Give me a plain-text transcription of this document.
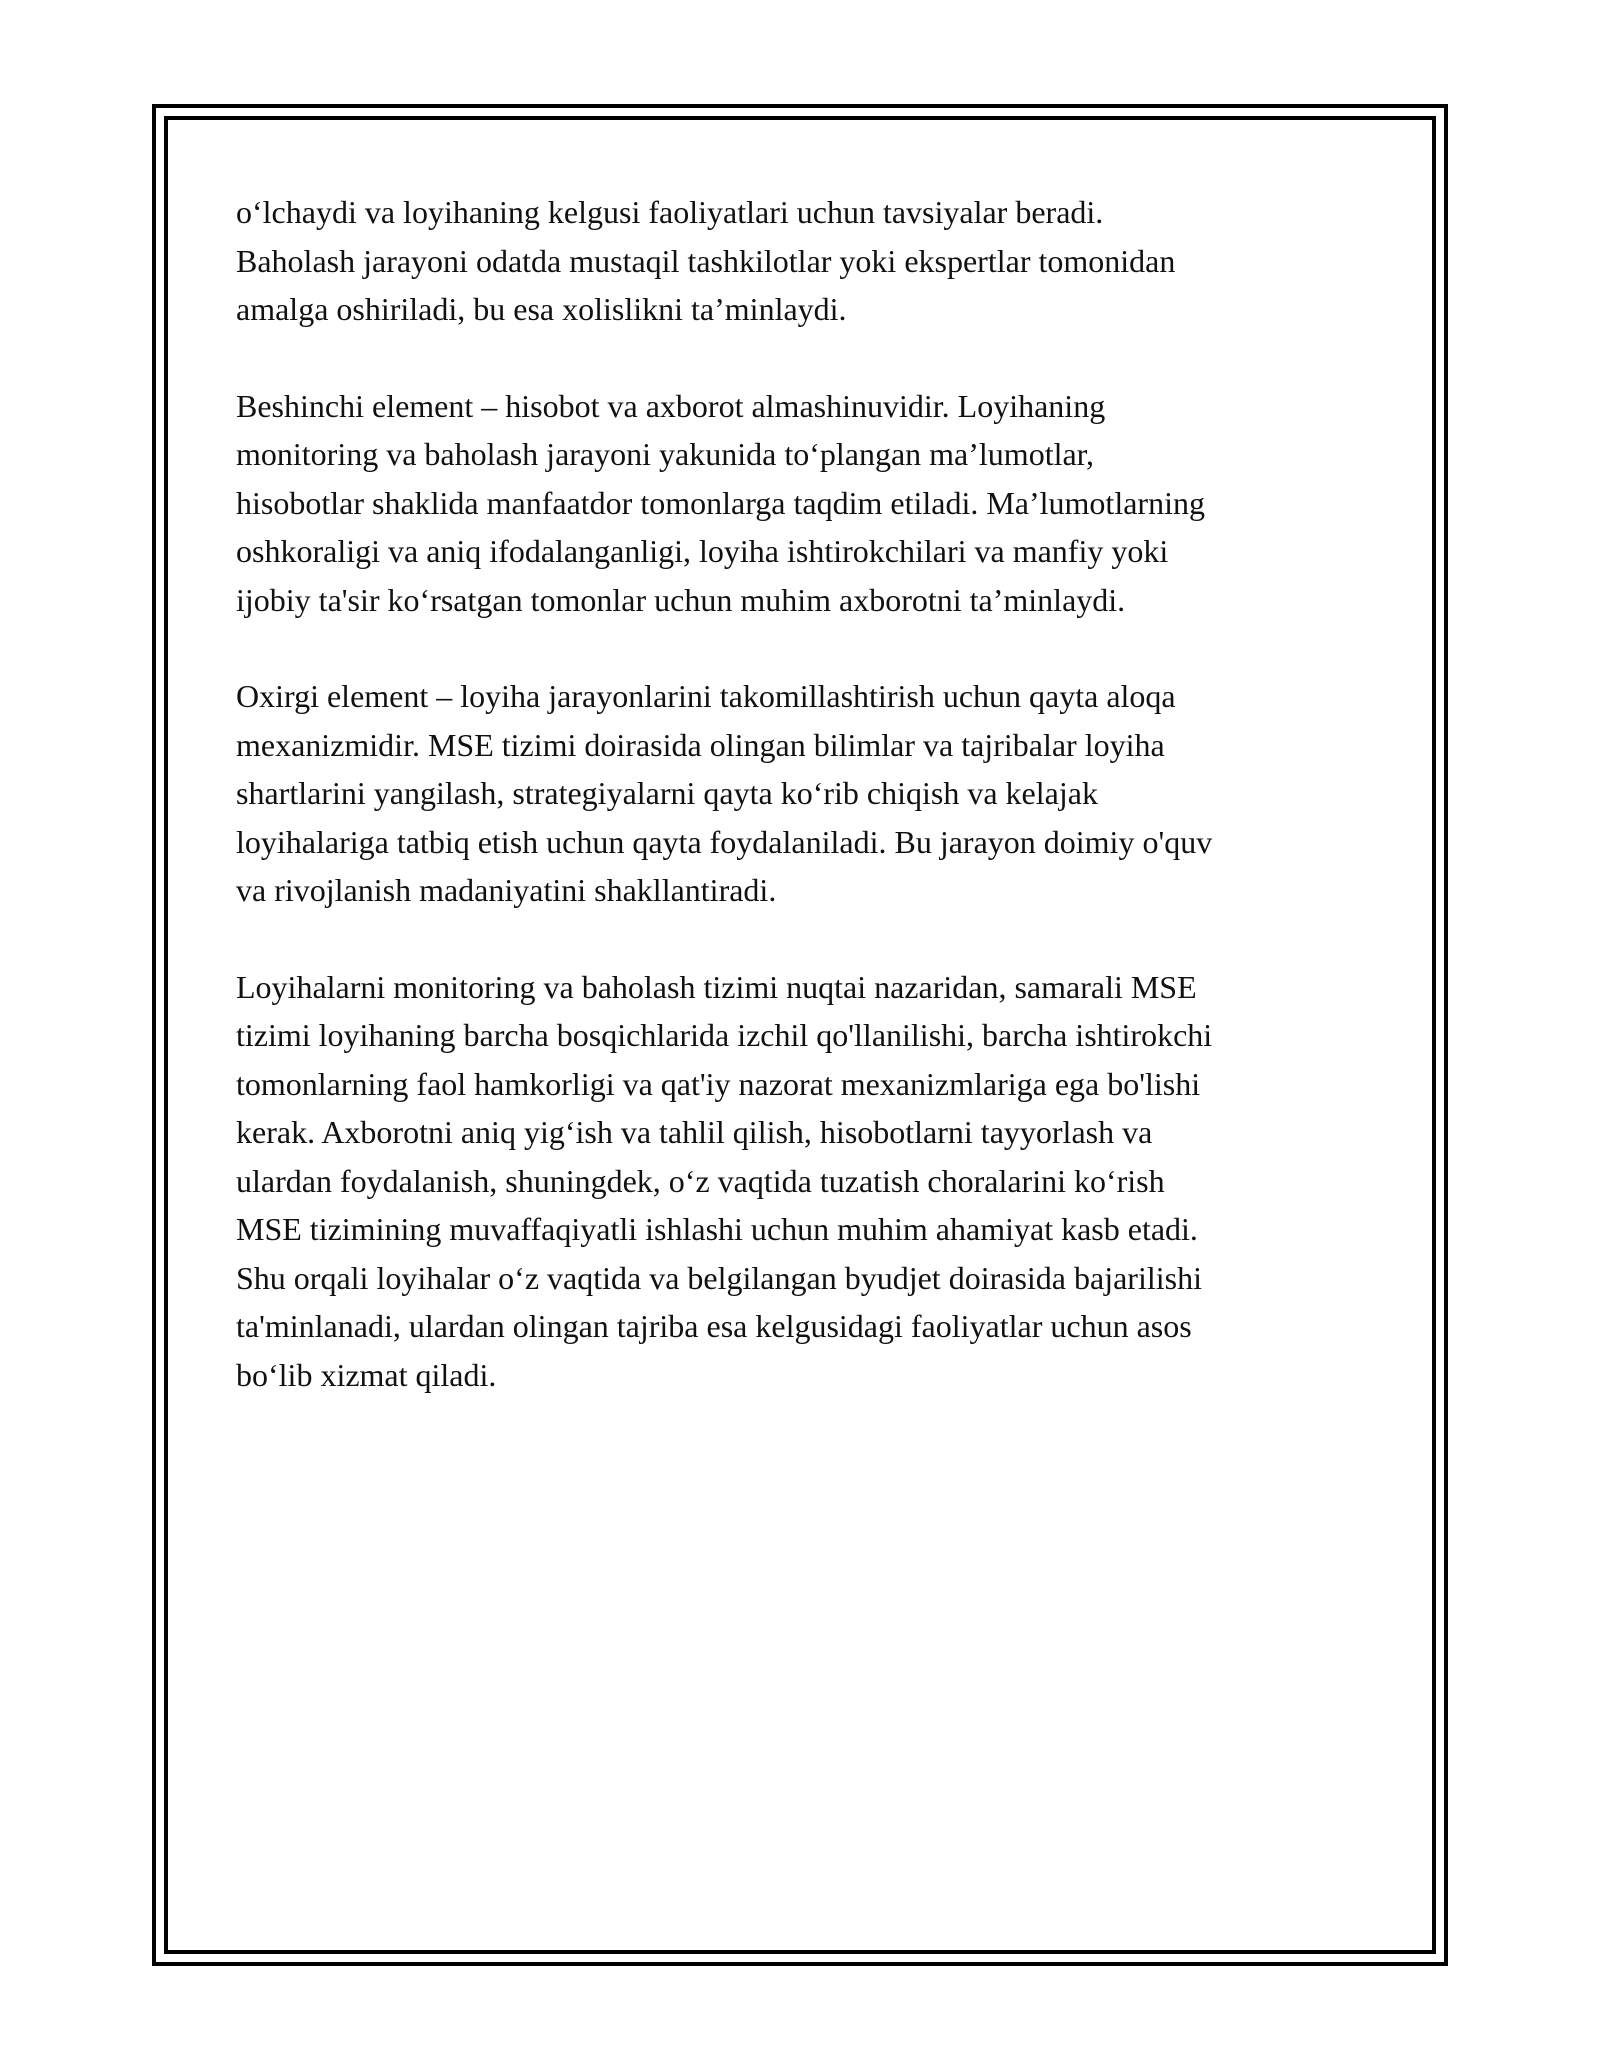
o‘lchaydi va loyihaning kelgusi faoliyatlari uchun tavsiyalar beradi.
Baholash jarayoni odatda mustaqil tashkilotlar yoki ekspertlar tomonidan
amalga oshiriladi, bu esa xolislikni ta’minlaydi.

Beshinchi element – hisobot va axborot almashinuvidir. Loyihaning
monitoring va baholash jarayoni yakunida to‘plangan ma’lumotlar,
hisobotlar shaklida manfaatdor tomonlarga taqdim etiladi. Ma’lumotlarning
oshkoraligi va aniq ifodalanganligi, loyiha ishtirokchilari va manfiy yoki
ijobiy ta'sir ko‘rsatgan tomonlar uchun muhim axborotni ta’minlaydi.

Oxirgi element – loyiha jarayonlarini takomillashtirish uchun qayta aloqa
mexanizmidir. MSE tizimi doirasida olingan bilimlar va tajribalar loyiha
shartlarini yangilash, strategiyalarni qayta ko‘rib chiqish va kelajak
loyihalariga tatbiq etish uchun qayta foydalaniladi. Bu jarayon doimiy o'quv
va rivojlanish madaniyatini shakllantiradi.

Loyihalarni monitoring va baholash tizimi nuqtai nazaridan, samarali MSE
tizimi loyihaning barcha bosqichlarida izchil qo'llanilishi, barcha ishtirokchi
tomonlarning faol hamkorligi va qat'iy nazorat mexanizmlariga ega bo'lishi
kerak. Axborotni aniq yig‘ish va tahlil qilish, hisobotlarni tayyorlash va
ulardan foydalanish, shuningdek, o‘z vaqtida tuzatish choralarini ko‘rish
MSE tizimining muvaffaqiyatli ishlashi uchun muhim ahamiyat kasb etadi.
Shu orqali loyihalar o‘z vaqtida va belgilangan byudjet doirasida bajarilishi
ta'minlanadi, ulardan olingan tajriba esa kelgusidagi faoliyatlar uchun asos
bo‘lib xizmat qiladi.
